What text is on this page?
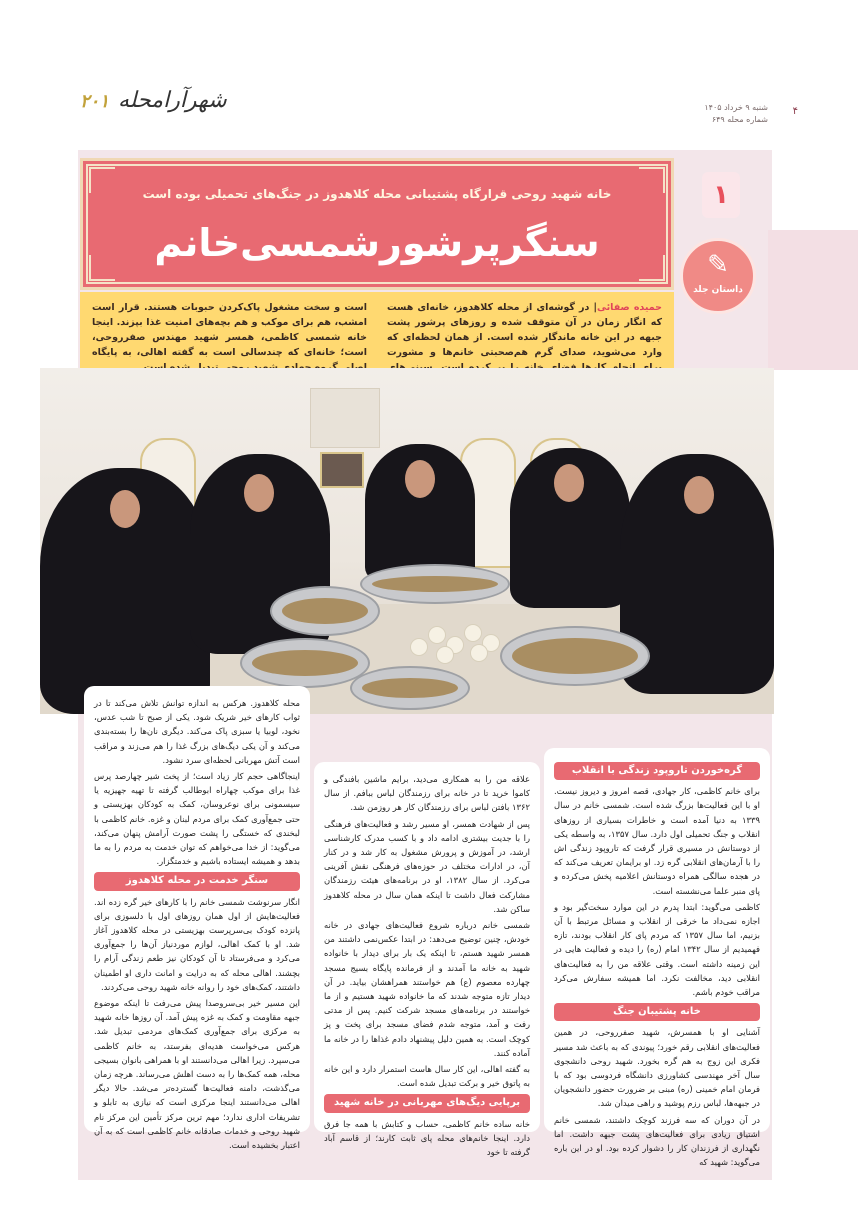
۴
شنبه ۹ خرداد ۱۴۰۵
شماره محله ۶۴۹
شهرآرامحله ۲۰۱
خانه شهید روحی قرارگاه پشتیبانی محله کلاهدوز در جنگ‌های تحمیلی بوده است
سنگرپرشورشمسی‌خانم
۱
✎
داستان جلد
حمیده صفائی| در گوشه‌ای از محله کلاهدوز، خانه‌ای هست که انگار زمان در آن متوقف شده و روزهای پرشور پشت جبهه در این خانه ماندگار شده است. از همان لحظه‌ای که وارد می‌شوید، صدای گرم هم‌صحبتی خانم‌ها و مشورت
است و سخت مشغول پاک‌کردن حبوبات هستند. قرار است امشب، هم برای موکب و هم بچه‌های امنیت غذا بپزند. اینجا خانه شمسی کاظمی، همسر شهید مهندس صفرروحی، است؛ خانه‌ای که چندسالی است به گفته اهالی، به پایگاه
گره‌خوردن تاروپود زندگی با انقلاب

برای خانم کاظمی، کار جهادی، قصه امروز و دیروز نیست. او با این فعالیت‌ها بزرگ شده است. شمسی خانم در سال ۱۳۳۹ به دنیا آمده است و خاطرات بسیاری از روزهای انقلاب و جنگ تحمیلی اول دارد. سال ۱۳۵۷، به واسطه یکی از دوستانش در مسیری قرار گرفت که تاروپود زندگی اش را با آرمان‌های انقلابی گره زد. او برایمان تعریف می‌کند که در هجده سالگی همراه دوستانش اعلامیه پخش می‌کرده و پای منبر علما می‌نشسته است.

کاظمی می‌گوید: ابتدا پدرم در این موارد سخت‌گیر بود و اجازه نمی‌داد ما خرقی از انقلاب و مسائل مرتبط با آن بزنیم، اما سال ۱۳۵۷ که مردم پای کار انقلاب بودند، تازه فهمیدیم از سال ۱۳۴۲ امام (ره) را دیده و فعالیت هایی در این زمینه داشته است. وقتی علاقه من را به فعالیت‌های انقلابی دید، مخالفت نکرد. اما همیشه سفارش می‌کرد مراقب خودم باشم.

خانه پشتیبان جنگ

آشنایی او با همسرش، شهید صفرروحی، در همین فعالیت‌های انقلابی رقم خورد؛ پیوندی که به باعث شد مسیر فکری این زوج به هم گره بخورد. شهید روحی دانشجوی سال آخر مهندسی کشاورزی دانشگاه فردوسی بود که با فرمان امام خمینی (ره) مبنی بر ضرورت حضور دانشجویان در جبهه‌ها، لباس رزم پوشید و راهی میدان شد.

در آن دوران که سه فرزند کوچک داشتند، شمسی خانم اشتیاق زیادی برای فعالیت‌های پشت جبهه داشت. اما نگهداری از فرزندان کار را دشوار کرده بود. او در این باره می‌گوید: شهید که

علاقه من را به همکاری می‌دید، برایم ماشین بافندگی و کاموا خرید تا در خانه برای رزمندگان لباس ببافم. از سال ۱۳۶۲ بافتن لباس برای رزمندگان کار هر روزمن شد.

پس از شهادت همسر، او مسیر رشد و فعالیت‌های فرهنگی را با جدیت بیشتری ادامه داد و با کسب مدرک کارشناسی ارشد، در آموزش و پرورش مشغول به کار شد و در کنار آن، در ادارات مختلف در حوزه‌های فرهنگی نقش آفرینی می‌کرد. از سال ۱۳۸۲، او در برنامه‌های هیئت رزمندگان مشارکت فعال داشت تا اینکه همان سال در محله کلاهدوز ساکن شد.

شمسی خانم درباره شروع فعالیت‌های جهادی در خانه خودش، چنین توضیح می‌دهد: در ابتدا عکس‌نمی داشتند من همسر شهید هستم، تا اینکه یک بار برای دیدار با خانواده شهید به خانه ما آمدند و از فرمانده پایگاه بسیج مسجد چهارده معصوم (ع) هم خواستند همراهشان بیاید. در آن دیدار تازه متوجه شدند که ما خانواده شهید هستیم و از ما خواستند در برنامه‌های مسجد شرکت کنیم. پس از مدتی رفت و آمد، متوجه شدم فضای مسجد برای پخت و پز کوچک است. به همین دلیل پیشنهاد دادم غذاها را در خانه ما آماده کنند.

به گفته اهالی، این کار سال هاست استمرار دارد و این خانه به پاتوق خیر و برکت تبدیل شده است.

برپایی دیگ‌های مهربانی در خانه شهید

خانه ساده خانم کاظمی، حساب و کتابش با همه جا فرق دارد. اینجا خانم‌های محله پای ثابت کارند؛ از قاسم آباد گرفته تا خود

محله کلاهدوز. هرکس به اندازه توانش تلاش می‌کند تا در ثواب کارهای خیر شریک شود. یکی از صبح تا شب عدس، نخود، لوبیا یا سبزی پاک می‌کند. دیگری نان‌ها را بسته‌بندی می‌کند و آن یکی دیگ‌های بزرگ غذا را هم می‌زند و مراقب است آتش مهربانی لحظه‌ای سرد نشود.

اینجاگاهی حجم کار زیاد است؛ از پخت شیر چهارصد پرس غذا برای موکب چهاراه ابوطالب گرفته تا تهیه جهیزیه یا سیسمونی برای نوعروسان، کمک به کودکان بهزیستی و حتی جمع‌آوری کمک برای مردم لبنان و غزه. خانم کاظمی با لبخندی که خستگی را پشت صورت آرامش پنهان می‌کند، می‌گوید: از خدا می‌خواهم که توان خدمت به مردم را به ما بدهد و همیشه ایستاده باشیم و خدمتگزار.

سنگر خدمت در محله کلاهدوز

انگار سرنوشت شمسی خانم را با کارهای خیر گره زده اند. فعالیت‌هایش از اول همان روزهای اول با دلسوزی برای پانزده کودک بی‌سرپرست بهزیستی در محله کلاهدوز آغاز شد. او با کمک اهالی، لوازم موردنیاز آن‌ها را جمع‌آوری می‌کرد و می‌فرستاد تا آن کودکان نیز طعم زندگی آرام را بچشند. اهالی محله که به درایت و امانت داری او اطمینان داشتند، کمک‌های خود را روانه خانه شهید روحی می‌کردند.

این مسیر خیر بی‌سروصدا پیش می‌رفت تا اینکه موضوع جبهه مقاومت و کمک به غزه پیش آمد. آن روزها خانه شهید به مرکزی برای جمع‌آوری کمک‌های مردمی تبدیل شد. هرکس می‌خواست هدیه‌ای بفرستد، به خانم کاظمی می‌سپرد. زیرا اهالی می‌دانستند او با همراهی بانوان بسیجی محله، همه کمک‌ها را به دست اهلش می‌رساند. هرچه زمان می‌گذشت، دامنه فعالیت‌ها گسترده‌تر می‌شد. حالا دیگر اهالی می‌دانستند اینجا مرکزی است که نیازی به تابلو و تشریفات اداری ندارد؛ مهم ترین مرکز تأمین این مرکز نام شهید روحی و خدمات صادقانه خانم کاظمی است که به آن اعتبار بخشیده است.
